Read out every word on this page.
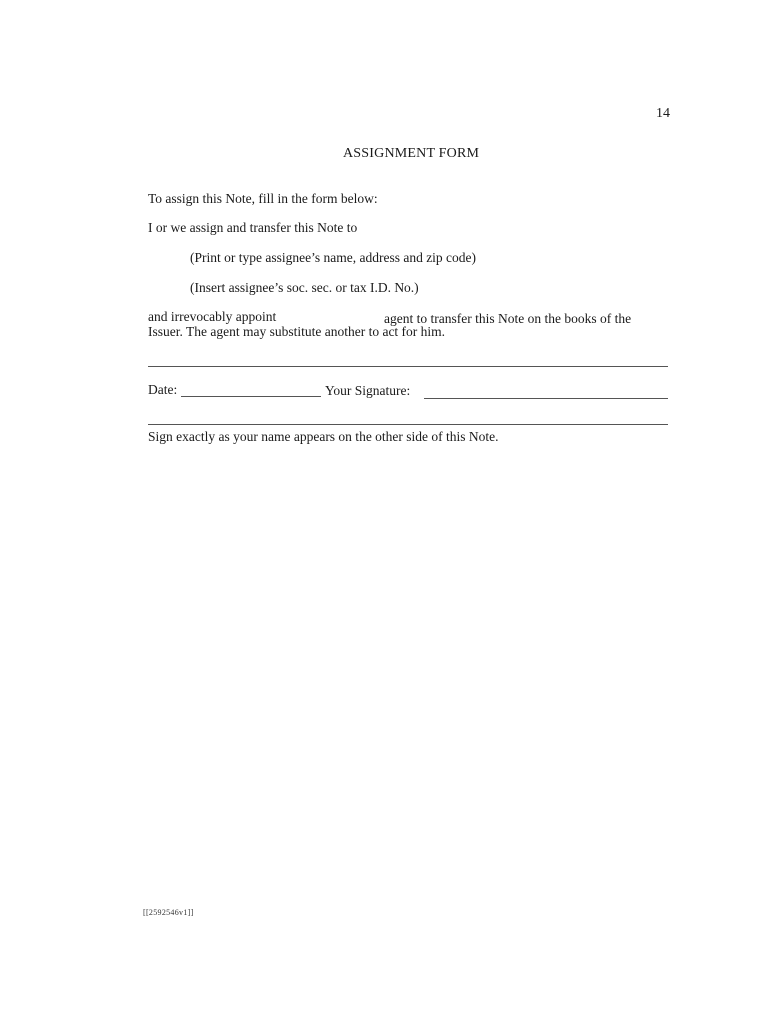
14
ASSIGNMENT FORM
To assign this Note, fill in the form below:
I or we assign and transfer this Note to
(Print or type assignee’s name, address and zip code)
(Insert assignee’s soc. sec. or tax I.D. No.)
and irrevocably appoint	agent to transfer this Note on the books of the
Issuer. The agent may substitute another to act for him.
Date:	Your Signature:
Sign exactly as your name appears on the other side of this Note.
[[2592546v1]]
